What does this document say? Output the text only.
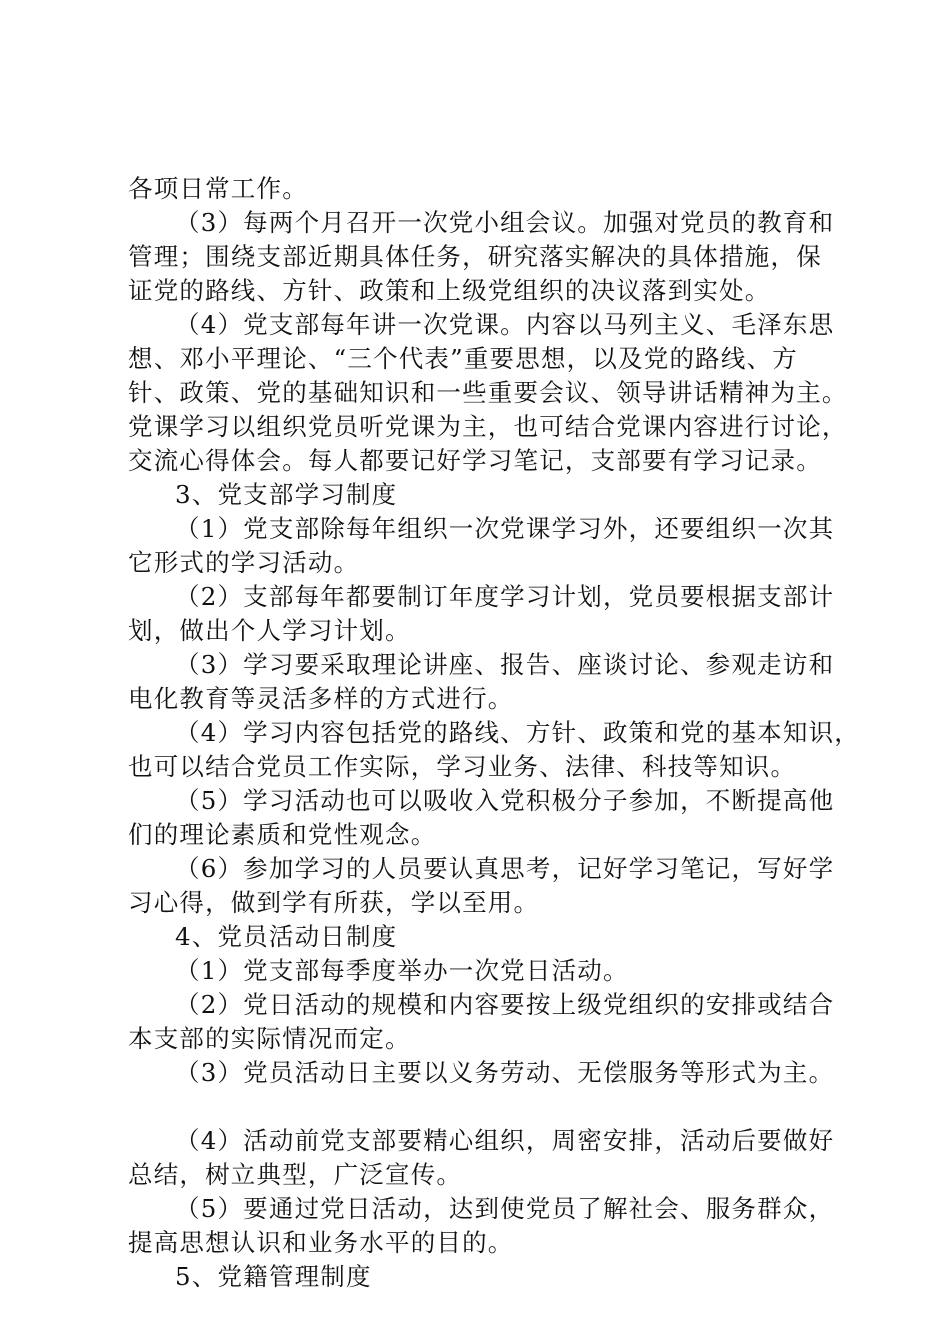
各项日常工作。
（3）每两个月召开一次党小组会议。加强对党员的教育和
管理；围绕支部近期具体任务，研究落实解决的具体措施，保
证党的路线、方针、政策和上级党组织的决议落到实处。
（4）党支部每年讲一次党课。内容以马列主义、毛泽东思
想、邓小平理论、“三个代表”重要思想，以及党的路线、方
针、政策、党的基础知识和一些重要会议、领导讲话精神为主。
党课学习以组织党员听党课为主，也可结合党课内容进行讨论，
交流心得体会。每人都要记好学习笔记，支部要有学习记录。
3、党支部学习制度
（1）党支部除每年组织一次党课学习外，还要组织一次其
它形式的学习活动。
（2）支部每年都要制订年度学习计划，党员要根据支部计
划，做出个人学习计划。
（3）学习要采取理论讲座、报告、座谈讨论、参观走访和
电化教育等灵活多样的方式进行。
（4）学习内容包括党的路线、方针、政策和党的基本知识，
也可以结合党员工作实际，学习业务、法律、科技等知识。
（5）学习活动也可以吸收入党积极分子参加，不断提高他
们的理论素质和党性观念。
（6）参加学习的人员要认真思考，记好学习笔记，写好学
习心得，做到学有所获，学以至用。
4、党员活动日制度
（1）党支部每季度举办一次党日活动。
（2）党日活动的规模和内容要按上级党组织的安排或结合
本支部的实际情况而定。
（3）党员活动日主要以义务劳动、无偿服务等形式为主。
（4）活动前党支部要精心组织，周密安排，活动后要做好
总结，树立典型，广泛宣传。
（5）要通过党日活动，达到使党员了解社会、服务群众，
提高思想认识和业务水平的目的。
5、党籍管理制度
